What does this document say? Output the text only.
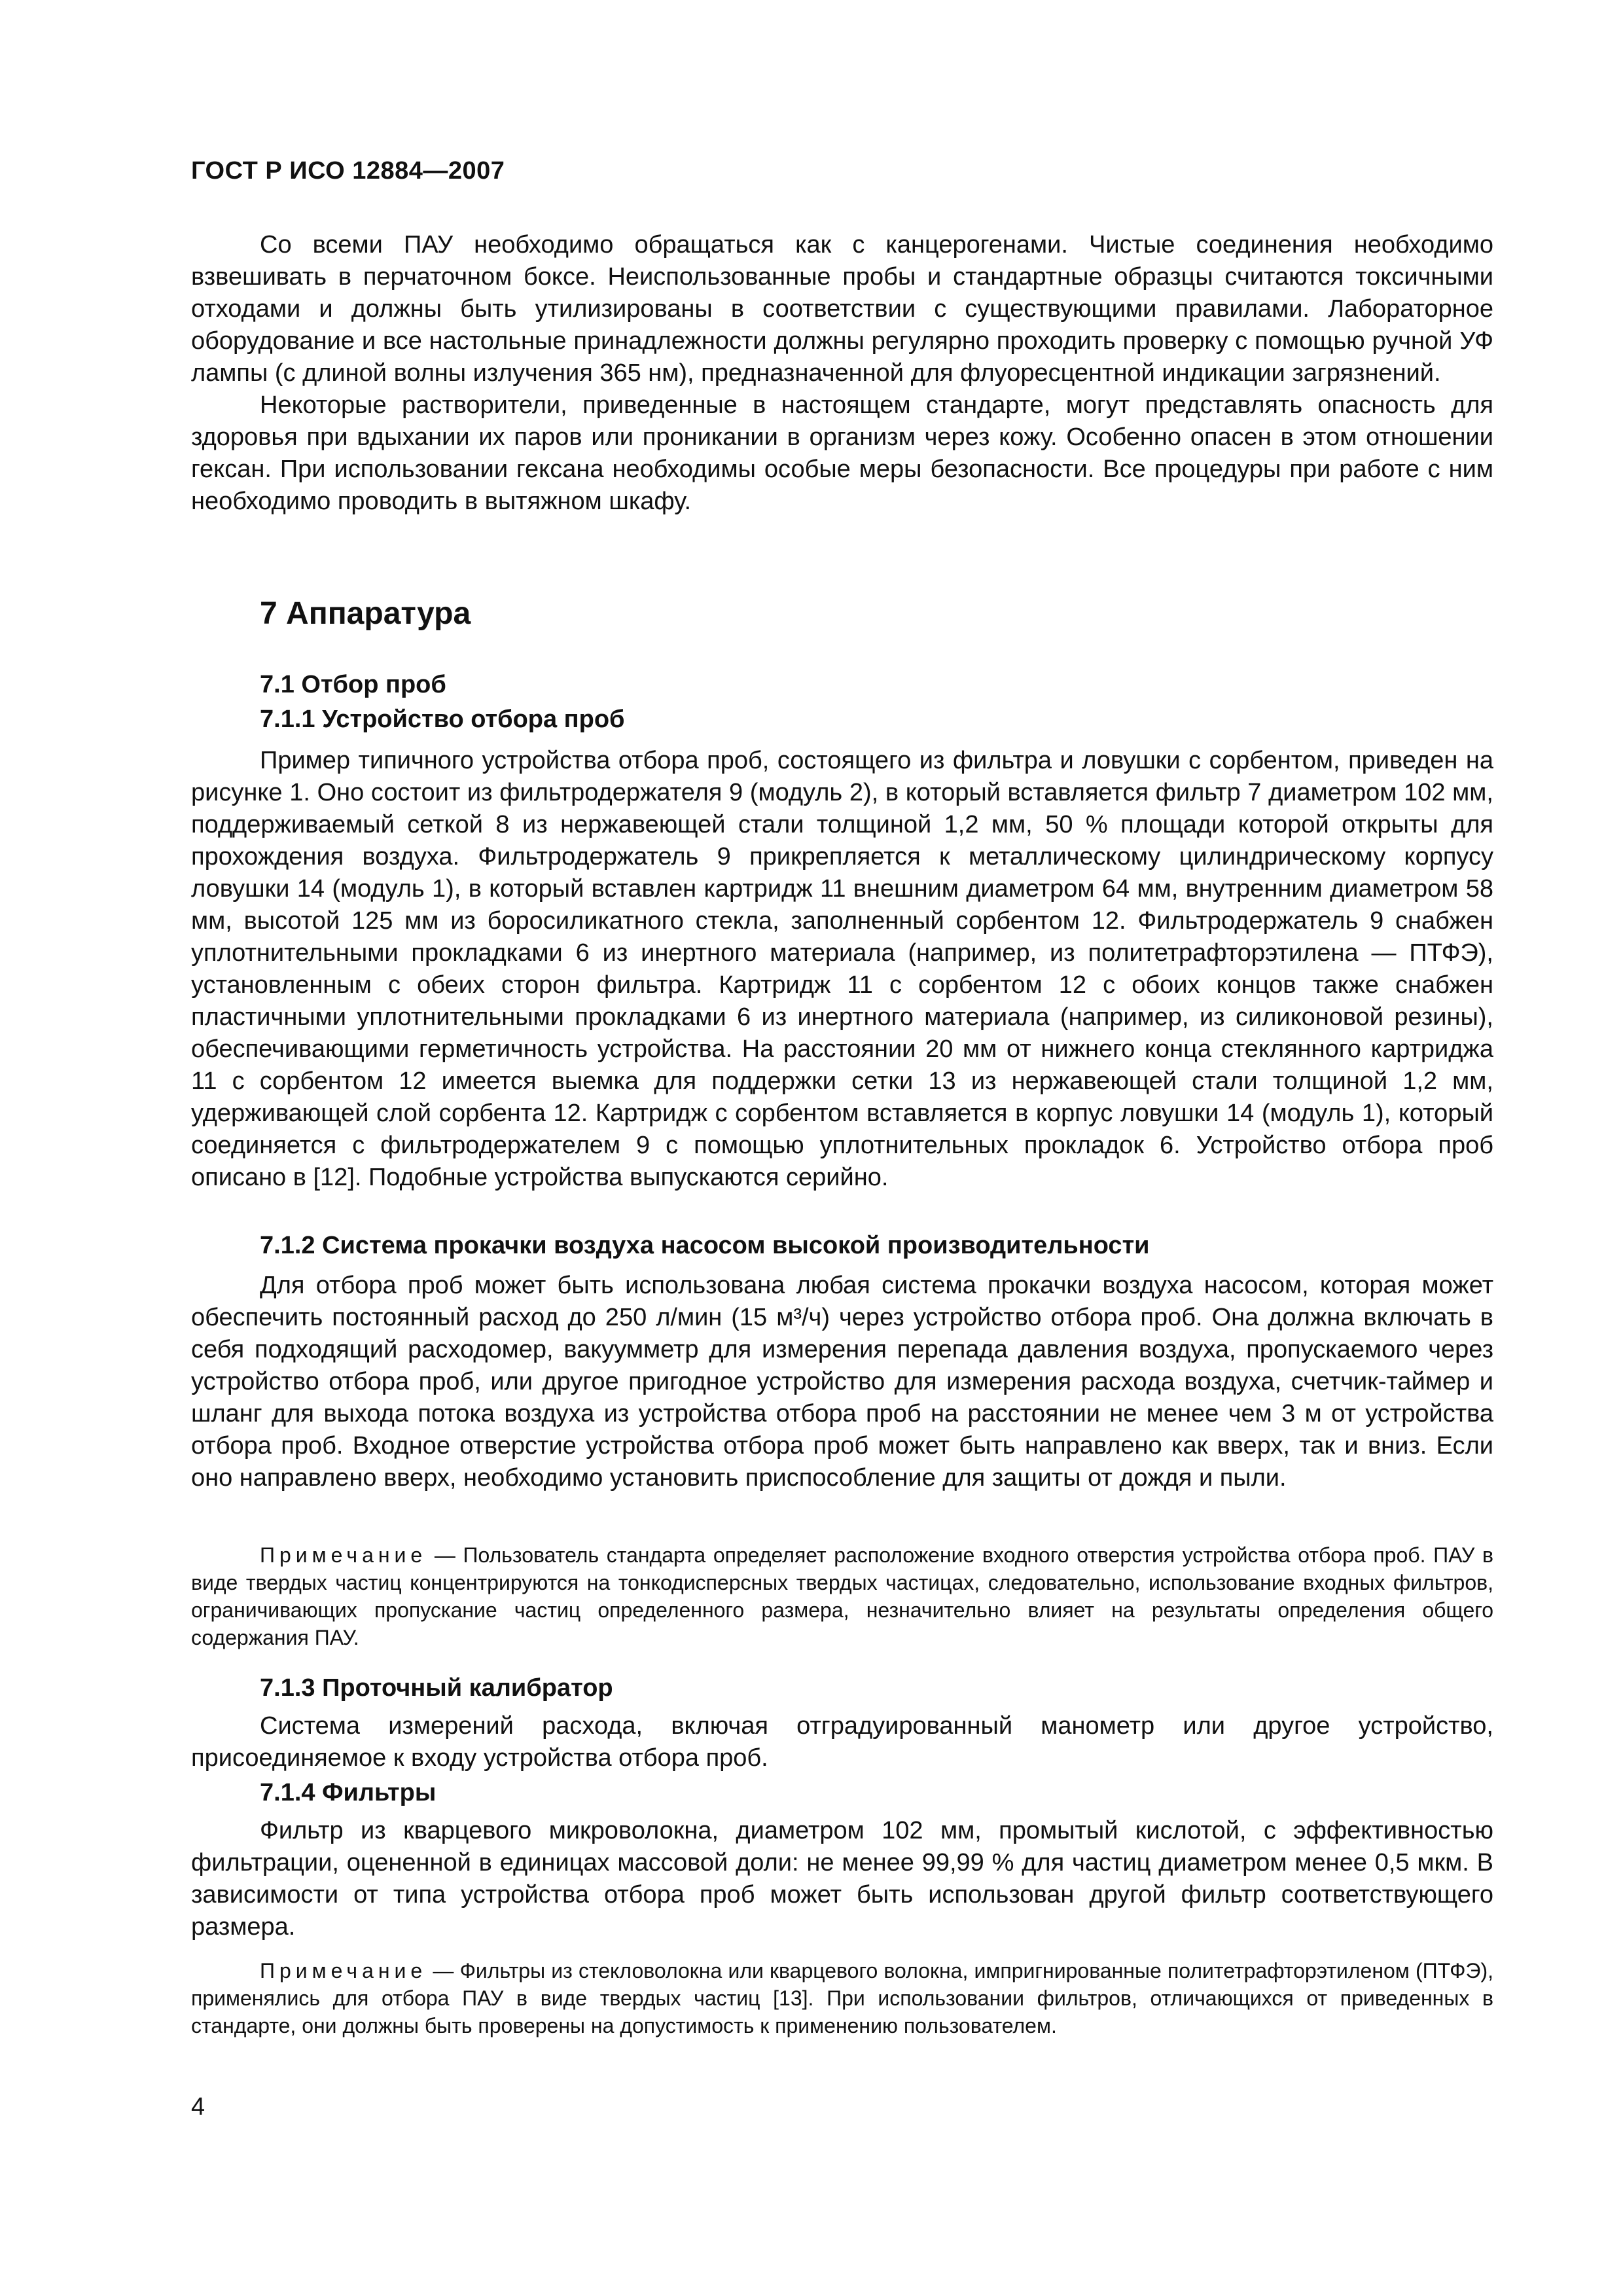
ГОСТ Р ИСО 12884—2007

Со всеми ПАУ необходимо обращаться как с канцерогенами. Чистые соединения необходимо взвешивать в перчаточном боксе. Неиспользованные пробы и стандартные образцы считаются токсичными отходами и должны быть утилизированы в соответствии с существующими правилами. Лабораторное оборудование и все настольные принадлежности должны регулярно проходить проверку с помощью ручной УФ лампы (с длиной волны излучения 365 нм), предназначенной для флуоресцентной индикации загрязнений.

Некоторые растворители, приведенные в настоящем стандарте, могут представлять опасность для здоровья при вдыхании их паров или проникании в организм через кожу. Особенно опасен в этом отношении гексан. При использовании гексана необходимы особые меры безопасности. Все процедуры при работе с ним необходимо проводить в вытяжном шкафу.

7 Аппаратура
7.1 Отбор проб
7.1.1 Устройство отбора проб

Пример типичного устройства отбора проб, состоящего из фильтра и ловушки с сорбентом, приведен на рисунке 1. Оно состоит из фильтродержателя 9 (модуль 2), в который вставляется фильтр 7 диаметром 102 мм, поддерживаемый сеткой 8 из нержавеющей стали толщиной 1,2 мм, 50 % площади которой открыты для прохождения воздуха. Фильтродержатель 9 прикрепляется к металлическому цилиндрическому корпусу ловушки 14 (модуль 1), в который вставлен картридж 11 внешним диаметром 64 мм, внутренним диаметром 58 мм, высотой 125 мм из боросиликатного стекла, заполненный сорбентом 12. Фильтродержатель 9 снабжен уплотнительными прокладками 6 из инертного материала (например, из политетрафторэтилена — ПТФЭ), установленным с обеих сторон фильтра. Картридж 11 с сорбентом 12 с обоих концов также снабжен пластичными уплотнительными прокладками 6 из инертного материала (например, из силиконовой резины), обеспечивающими герметичность устройства. На расстоянии 20 мм от нижнего конца стеклянного картриджа 11 с сорбентом 12 имеется выемка для поддержки сетки 13 из нержавеющей стали толщиной 1,2 мм, удерживающей слой сорбента 12. Картридж с сорбентом вставляется в корпус ловушки 14 (модуль 1), который соединяется с фильтродержателем 9 с помощью уплотнительных прокладок 6. Устройство отбора проб описано в [12]. Подобные устройства выпускаются серийно.

7.1.2 Система прокачки воздуха насосом высокой производительности

Для отбора проб может быть использована любая система прокачки воздуха насосом, которая может обеспечить постоянный расход до 250 л/мин (15 м³/ч) через устройство отбора проб. Она должна включать в себя подходящий расходомер, вакуумметр для измерения перепада давления воздуха, пропускаемого через устройство отбора проб, или другое пригодное устройство для измерения расхода воздуха, счетчик-таймер и шланг для выхода потока воздуха из устройства отбора проб на расстоянии не менее чем 3 м от устройства отбора проб. Входное отверстие устройства отбора проб может быть направлено как вверх, так и вниз. Если оно направлено вверх, необходимо установить приспособление для защиты от дождя и пыли.

Примечание — Пользователь стандарта определяет расположение входного отверстия устройства отбора проб. ПАУ в виде твердых частиц концентрируются на тонкодисперсных твердых частицах, следовательно, использование входных фильтров, ограничивающих пропускание частиц определенного размера, незначительно влияет на результаты определения общего содержания ПАУ.

7.1.3 Проточный калибратор

Система измерений расхода, включая отградуированный манометр или другое устройство, присоединяемое к входу устройства отбора проб.

7.1.4 Фильтры

Фильтр из кварцевого микроволокна, диаметром 102 мм, промытый кислотой, с эффективностью фильтрации, оцененной в единицах массовой доли: не менее 99,99 % для частиц диаметром менее 0,5 мкм. В зависимости от типа устройства отбора проб может быть использован другой фильтр соответствующего размера.

Примечание — Фильтры из стекловолокна или кварцевого волокна, импригнированные политетрафторэтиленом (ПТФЭ), применялись для отбора ПАУ в виде твердых частиц [13]. При использовании фильтров, отличающихся от приведенных в стандарте, они должны быть проверены на допустимость к применению пользователем.

4
